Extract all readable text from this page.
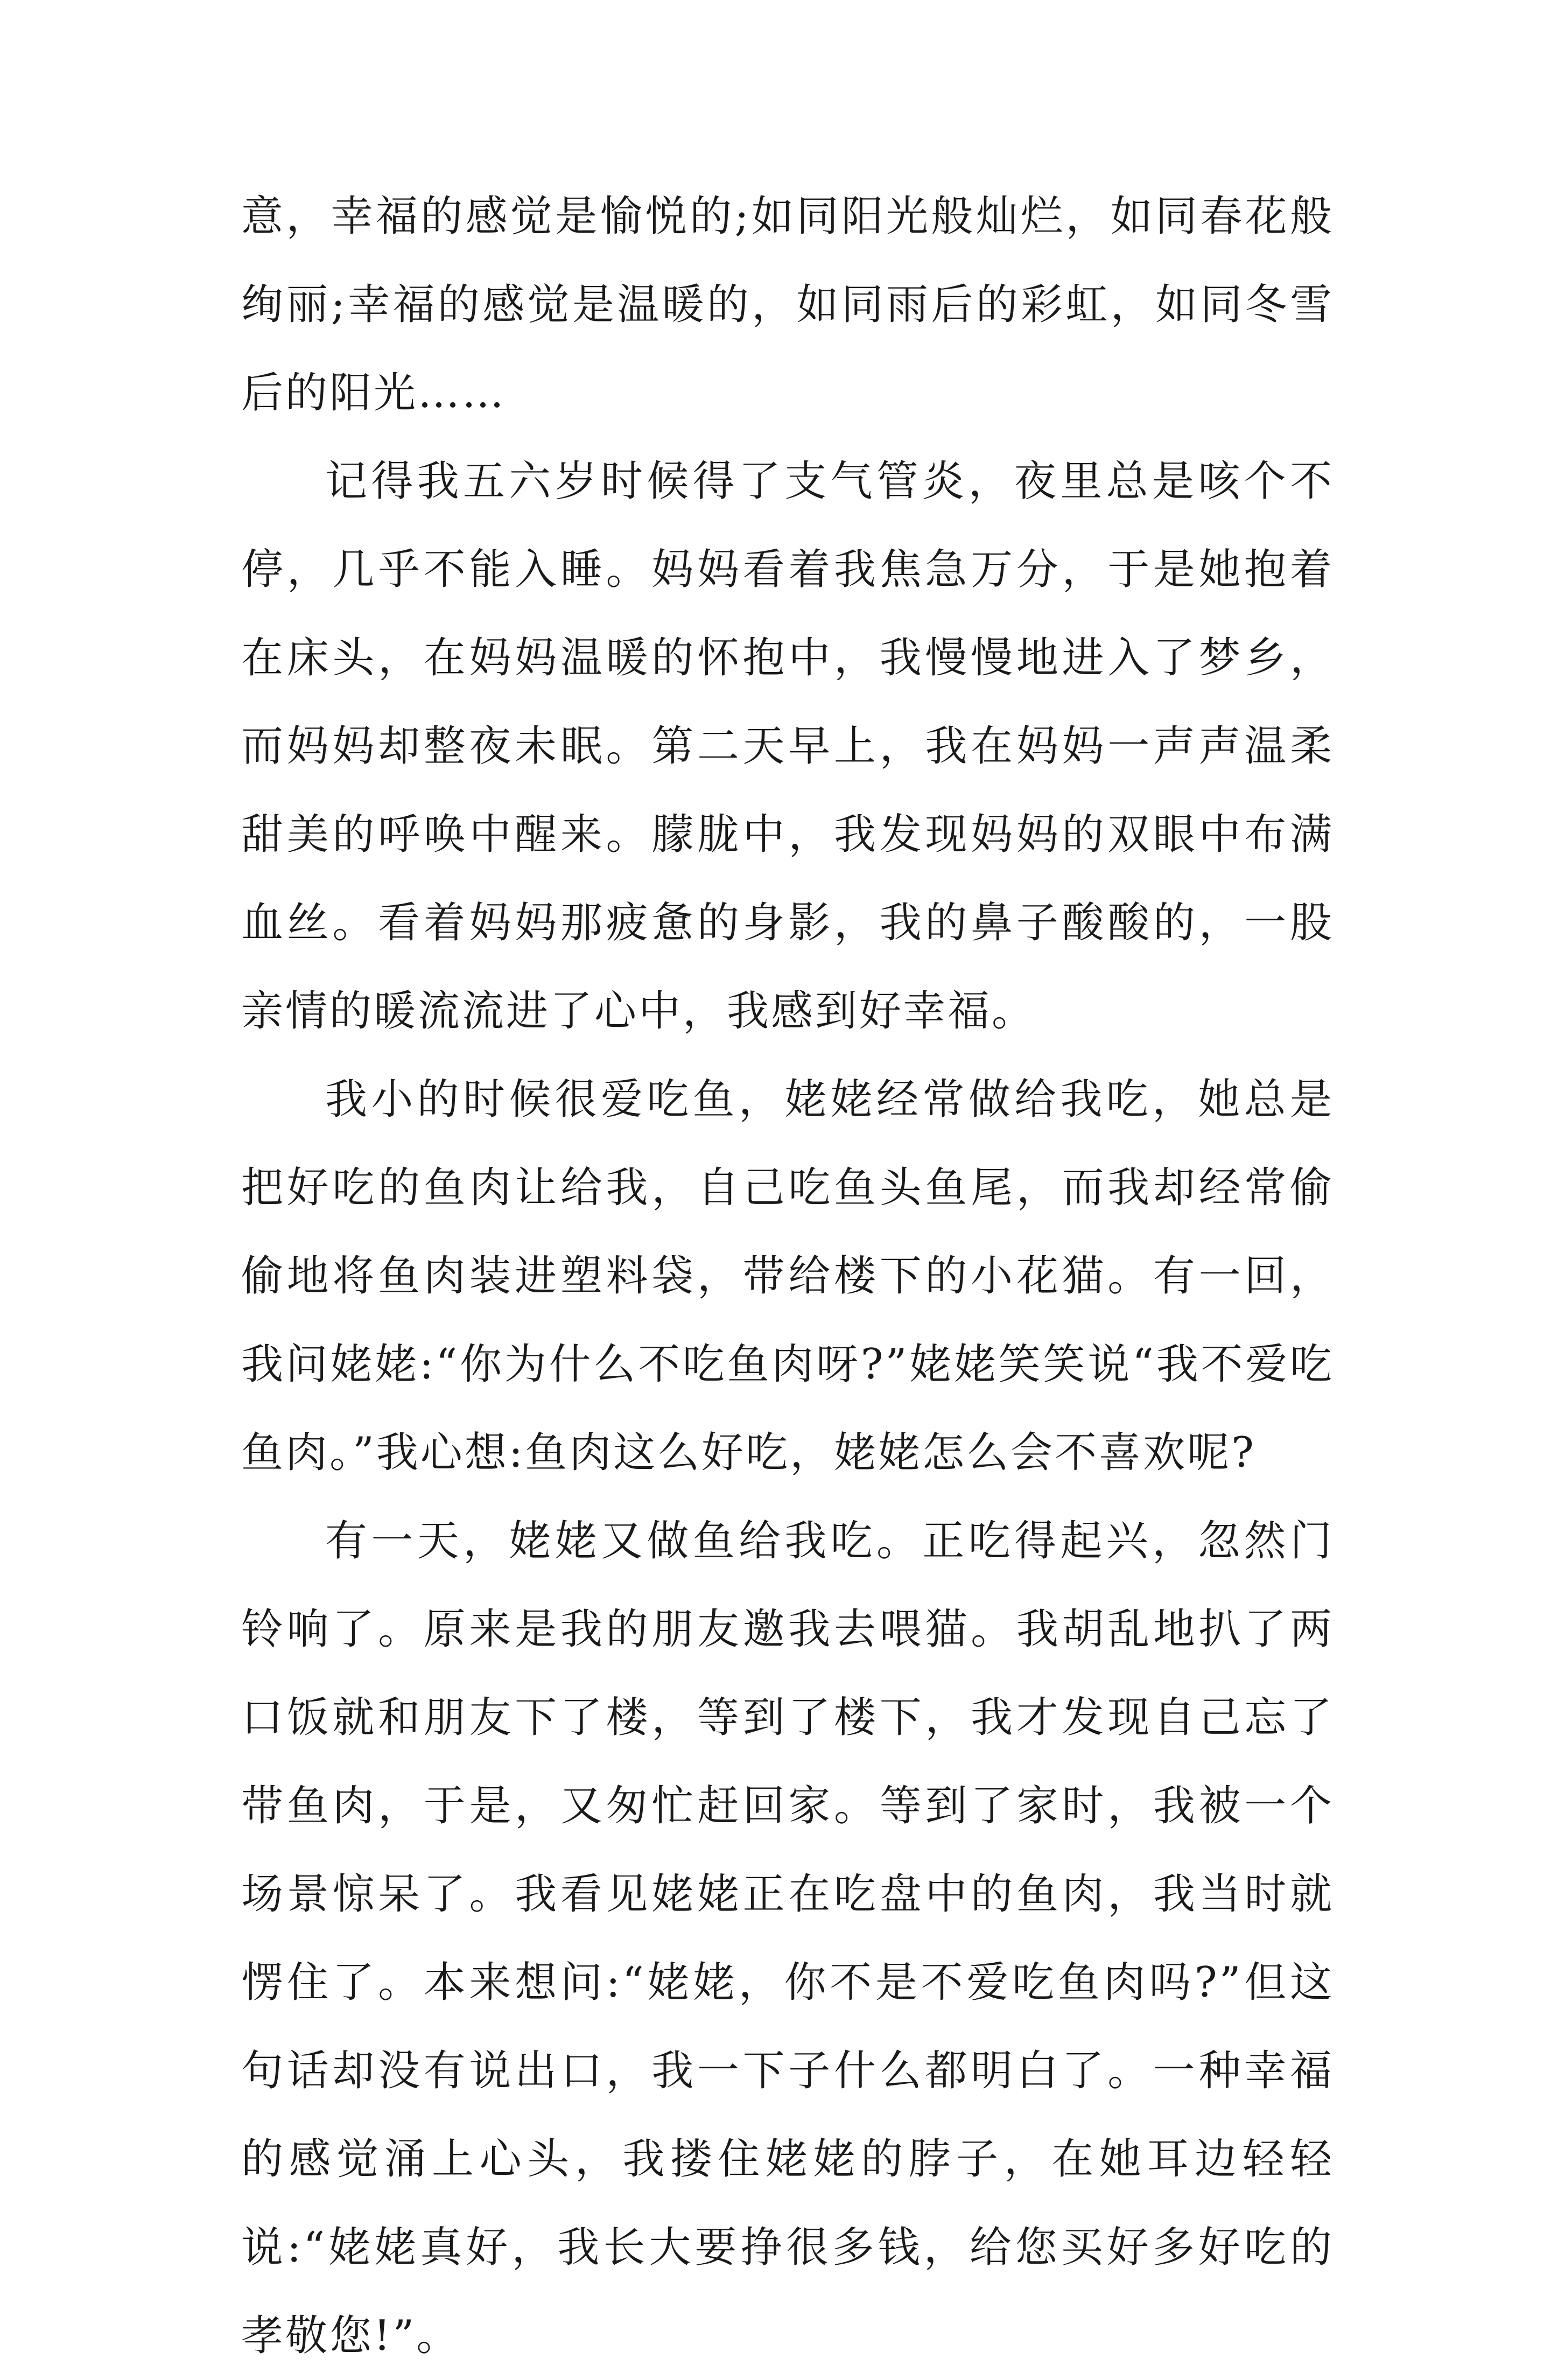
意，幸福的感觉是愉悦的;如同阳光般灿烂，如同春花般绚丽;幸福的感觉是温暖的，如同雨后的彩虹，如同冬雪后的阳光……

记得我五六岁时候得了支气管炎，夜里总是咳个不停，几乎不能入睡。妈妈看着我焦急万分，于是她抱着在床头，在妈妈温暖的怀抱中，我慢慢地进入了梦乡，而妈妈却整夜未眠。第二天早上，我在妈妈一声声温柔甜美的呼唤中醒来。朦胧中，我发现妈妈的双眼中布满血丝。看着妈妈那疲惫的身影，我的鼻子酸酸的，一股亲情的暖流流进了心中，我感到好幸福。

我小的时候很爱吃鱼，姥姥经常做给我吃，她总是把好吃的鱼肉让给我，自己吃鱼头鱼尾，而我却经常偷偷地将鱼肉装进塑料袋，带给楼下的小花猫。有一回，我问姥姥:“你为什么不吃鱼肉呀?”姥姥笑笑说“我不爱吃鱼肉。”我心想:鱼肉这么好吃，姥姥怎么会不喜欢呢?

有一天，姥姥又做鱼给我吃。正吃得起兴，忽然门铃响了。原来是我的朋友邀我去喂猫。我胡乱地扒了两口饭就和朋友下了楼，等到了楼下，我才发现自己忘了带鱼肉，于是，又匆忙赶回家。等到了家时，我被一个场景惊呆了。我看见姥姥正在吃盘中的鱼肉，我当时就愣住了。本来想问:“姥姥，你不是不爱吃鱼肉吗?”但这句话却没有说出口，我一下子什么都明白了。一种幸福的感觉涌上心头，我搂住姥姥的脖子，在她耳边轻轻说:“姥姥真好，我长大要挣很多钱，给您买好多好吃的孝敬您!”。
